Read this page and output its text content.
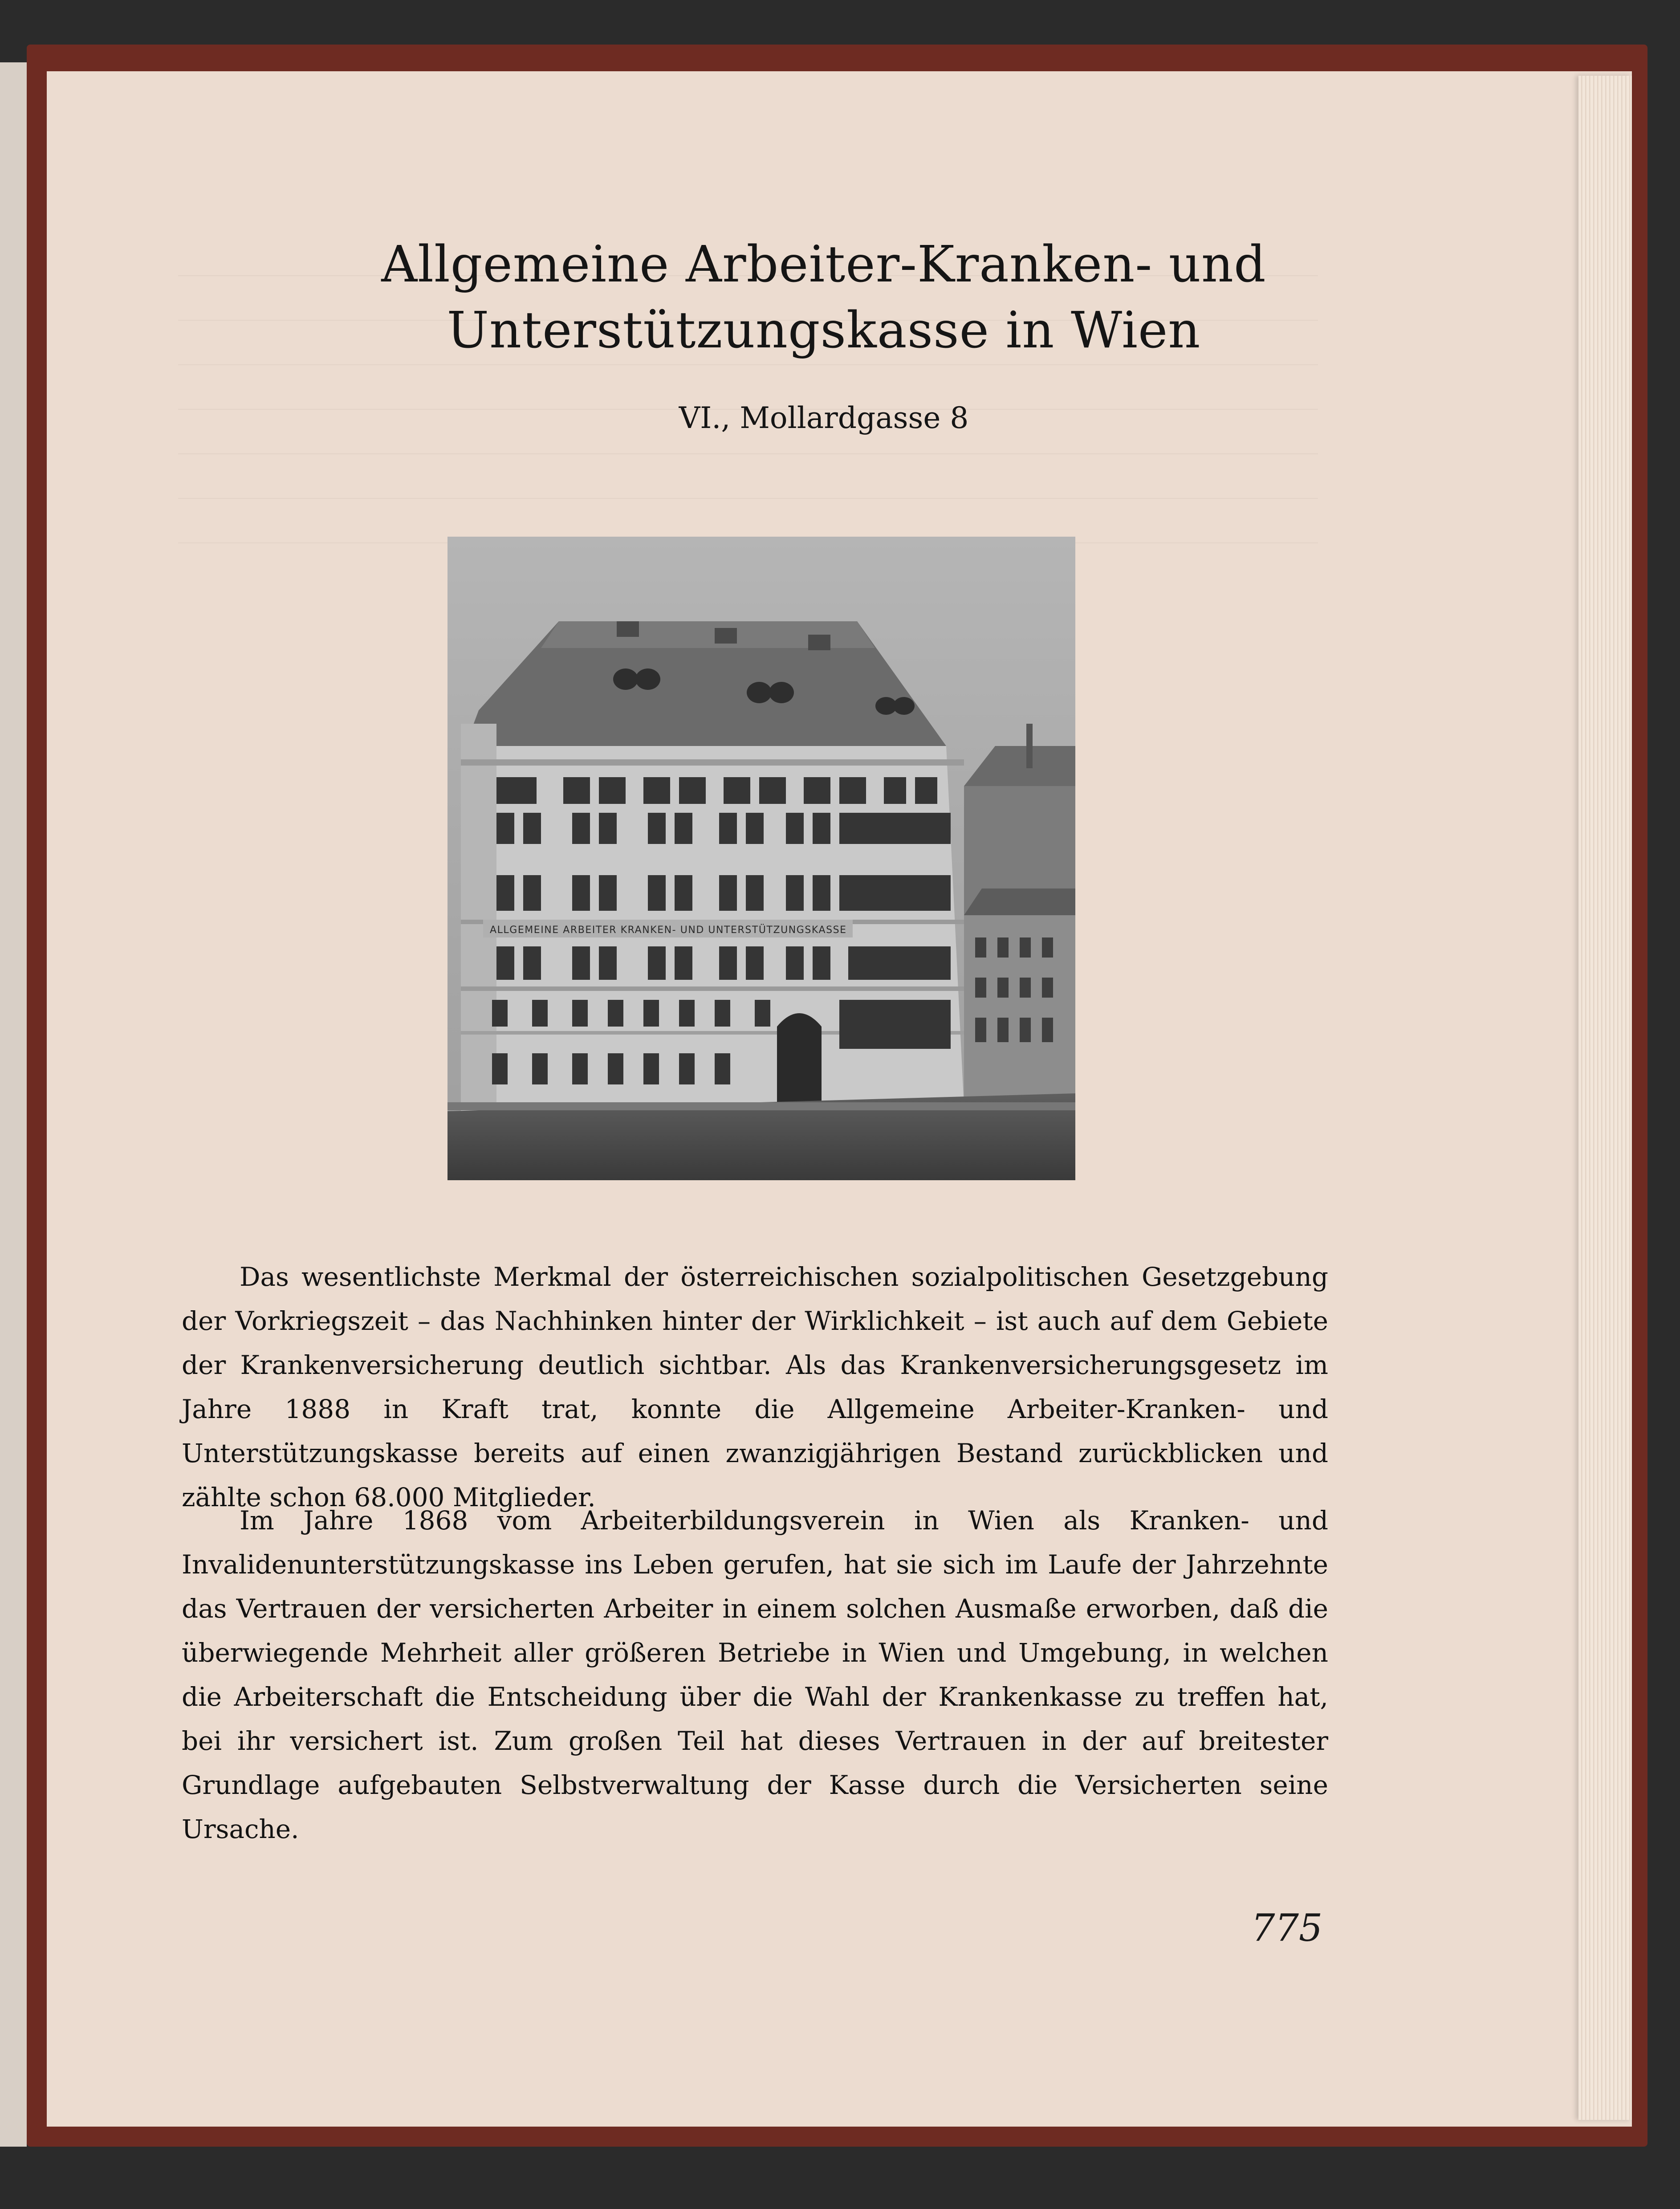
Allgemeine Arbeiter-Kranken- und
Unterstützungskasse in Wien
VI., Mollardgasse 8
ALLGEMEINE ARBEITER KRANKEN- UND UNTERSTÜTZUNGSKASSE

Das wesentlichste Merkmal der österreichischen sozialpolitischen Gesetzgebung der Vorkriegszeit – das Nachhinken hinter der Wirklichkeit – ist auch auf dem Gebiete der Krankenversicherung deutlich sichtbar. Als das Krankenversicherungsgesetz im Jahre 1888 in Kraft trat, konnte die Allgemeine Arbeiter-Kranken- und Unterstützungskasse bereits auf einen zwanzigjährigen Bestand zurückblicken und zählte schon 68.000 Mitglieder.

Im Jahre 1868 vom Arbeiterbildungsverein in Wien als Kranken- und Invalidenunterstützungskasse ins Leben gerufen, hat sie sich im Laufe der Jahrzehnte das Vertrauen der versicherten Arbeiter in einem solchen Ausmaße erworben, daß die überwiegende Mehrheit aller größeren Betriebe in Wien und Umgebung, in welchen die Arbeiterschaft die Entscheidung über die Wahl der Krankenkasse zu treffen hat, bei ihr versichert ist. Zum großen Teil hat dieses Vertrauen in der auf breitester Grundlage aufgebauten Selbstverwaltung der Kasse durch die Versicherten seine Ursache.

775
